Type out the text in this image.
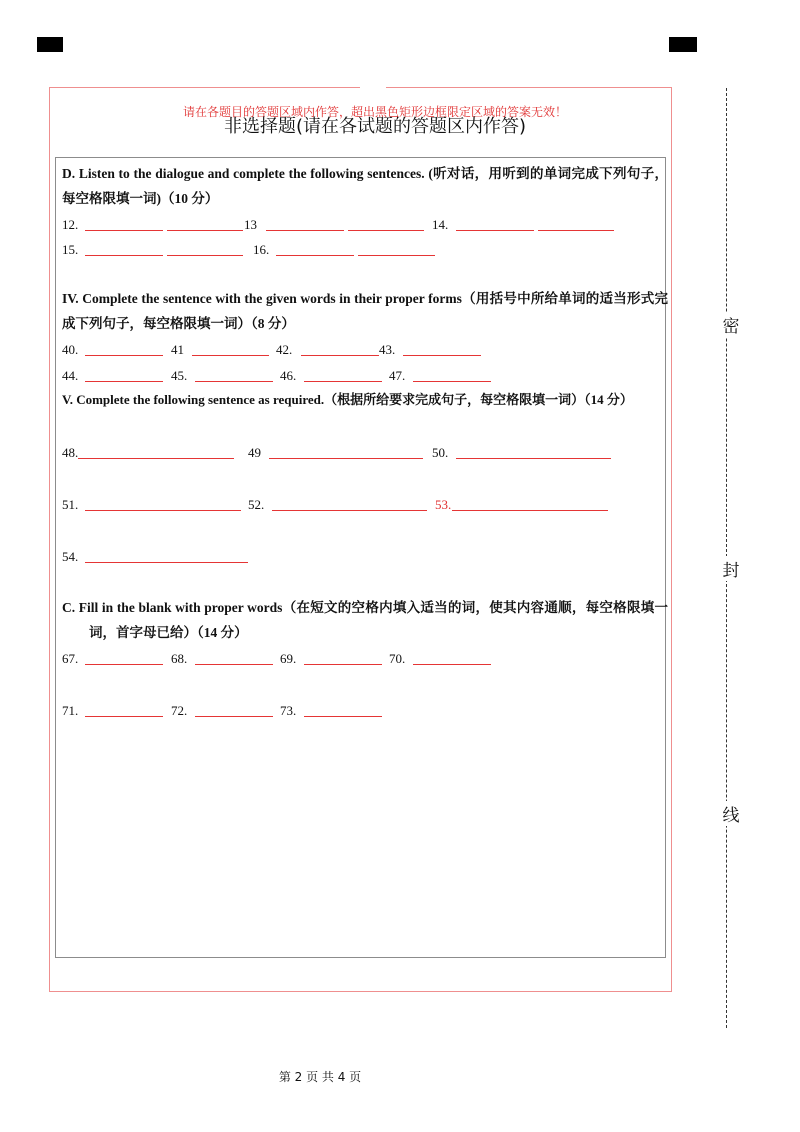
请在各题目的答题区域内作答，超出黑色矩形边框限定区域的答案无效！
非选择题(请在各试题的答题区内作答)
密
封
线
D. Listen to the dialogue and complete the following sentences. (听对话，用听到的单词完成下列句子，每空格限填一词)（10 分）
12.	13	14.
15.	16.
IV. Complete the sentence with the given words in their proper forms（用括号中所给单词的适当形式完成下列句子，每空格限填一词）（8 分）
40.	41	42.	43.
44.	45.	46.	47.
V. Complete the following sentence as required.（根据所给要求完成句子，每空格限填一词）（14 分）
48.	49	50.
51.	52.	53.
54.
C. Fill in the blank with proper words（在短文的空格内填入适当的词，使其内容通顺，每空格限填一词，首字母已给）（14 分）
67.	68.	69.	70.
71.	72.	73.
第 2 页 共 4 页
